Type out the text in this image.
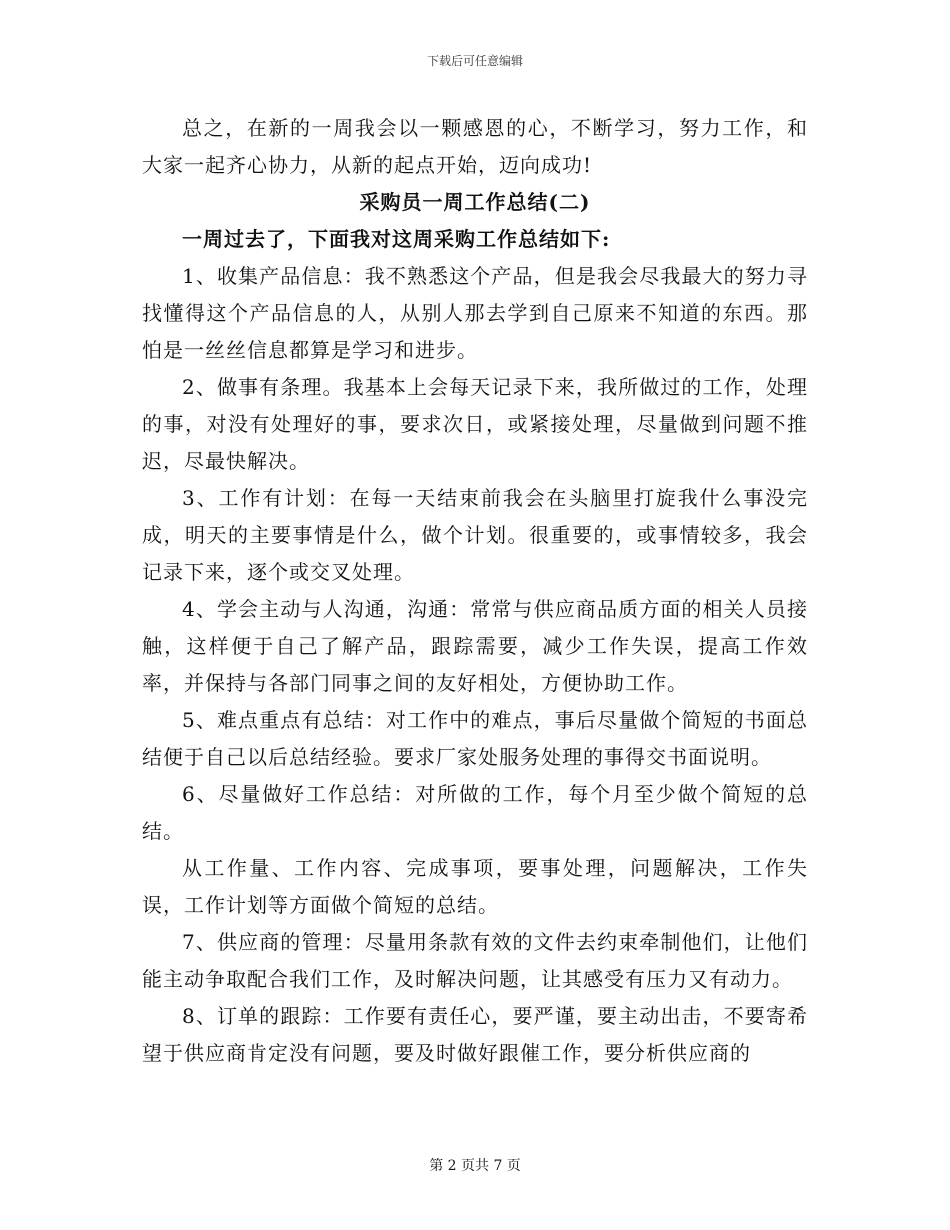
下载后可任意编辑

总之，在新的一周我会以一颗感恩的心，不断学习，努力工作，和大家一起齐心协力，从新的起点开始，迈向成功!

采购员一周工作总结(二)

一周过去了，下面我对这周采购工作总结如下:

1、收集产品信息：我不熟悉这个产品，但是我会尽我最大的努力寻找懂得这个产品信息的人，从别人那去学到自己原来不知道的东西。那怕是一丝丝信息都算是学习和进步。

2、做事有条理。我基本上会每天记录下来，我所做过的工作，处理的事，对没有处理好的事，要求次日，或紧接处理，尽量做到问题不推迟，尽最快解决。

3、工作有计划：在每一天结束前我会在头脑里打旋我什么事没完成，明天的主要事情是什么，做个计划。很重要的，或事情较多，我会记录下来，逐个或交叉处理。

4、学会主动与人沟通，沟通：常常与供应商品质方面的相关人员接触，这样便于自己了解产品，跟踪需要，减少工作失误，提高工作效率，并保持与各部门同事之间的友好相处，方便协助工作。

5、难点重点有总结：对工作中的难点，事后尽量做个简短的书面总结便于自己以后总结经验。要求厂家处服务处理的事得交书面说明。

6、尽量做好工作总结：对所做的工作，每个月至少做个简短的总结。

从工作量、工作内容、完成事项，要事处理，问题解决，工作失误，工作计划等方面做个简短的总结。

7、供应商的管理：尽量用条款有效的文件去约束牵制他们，让他们能主动争取配合我们工作，及时解决问题，让其感受有压力又有动力。

8、订单的跟踪：工作要有责任心，要严谨，要主动出击，不要寄希望于供应商肯定没有问题，要及时做好跟催工作，要分析供应商的

第 2 页共 7 页
